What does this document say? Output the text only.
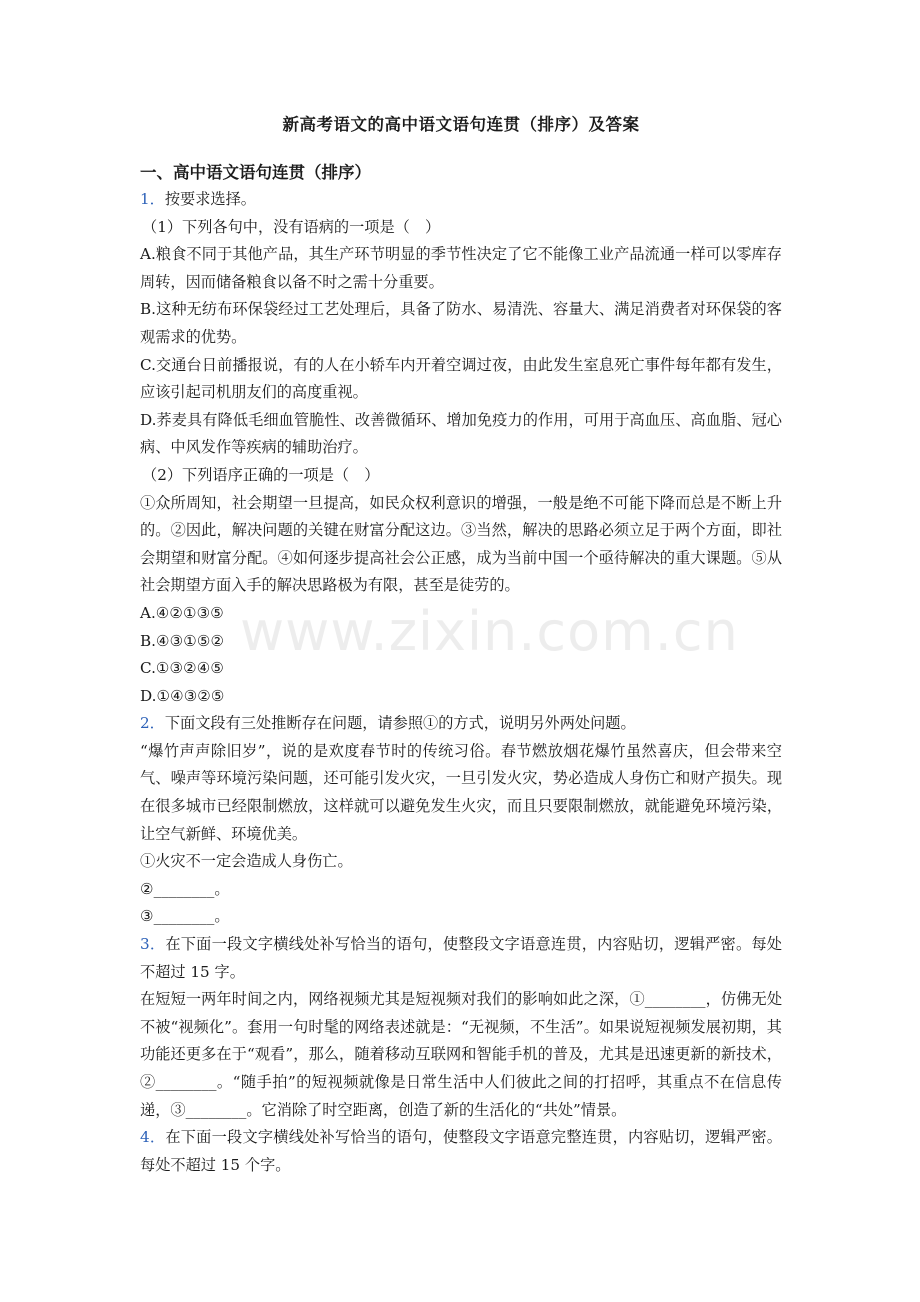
www.zixin.com.cn
新高考语文的高中语文语句连贯（排序）及答案
一、高中语文语句连贯（排序）

1．按要求选择。

（1）下列各句中，没有语病的一项是（　）

A.粮食不同于其他产品，其生产环节明显的季节性决定了它不能像工业产品流通一样可以零库存周转，因而储备粮食以备不时之需十分重要。

B.这种无纺布环保袋经过工艺处理后，具备了防水、易清洗、容量大、满足消费者对环保袋的客观需求的优势。

C.交通台日前播报说，有的人在小轿车内开着空调过夜，由此发生室息死亡事件每年都有发生，应该引起司机朋友们的高度重视。

D.荞麦具有降低毛细血管脆性、改善微循环、增加免疫力的作用，可用于高血压、高血脂、冠心病、中风发作等疾病的辅助治疗。

（2）下列语序正确的一项是（　）

①众所周知，社会期望一旦提高，如民众权利意识的增强，一般是绝不可能下降而总是不断上升的。②因此，解决问题的关键在财富分配这边。③当然，解决的思路必须立足于两个方面，即社会期望和财富分配。④如何逐步提高社会公正感，成为当前中国一个亟待解决的重大课题。⑤从社会期望方面入手的解决思路极为有限，甚至是徒劳的。

A.④②①③⑤

B.④③①⑤②

C.①③②④⑤

D.①④③②⑤

2．下面文段有三处推断存在问题，请参照①的方式，说明另外两处问题。

“爆竹声声除旧岁”，说的是欢度春节时的传统习俗。春节燃放烟花爆竹虽然喜庆，但会带来空气、噪声等环境污染问题，还可能引发火灾，一旦引发火灾，势必造成人身伤亡和财产损失。现在很多城市已经限制燃放，这样就可以避免发生火灾，而且只要限制燃放，就能避免环境污染，让空气新鲜、环境优美。

①火灾不一定会造成人身伤亡。

②________。

③________。

3．在下面一段文字横线处补写恰当的语句，使整段文字语意连贯，内容贴切，逻辑严密。每处不超过 15 字。

在短短一两年时间之内，网络视频尤其是短视频对我们的影响如此之深，①________，仿佛无处不被“视频化”。套用一句时髦的网络表述就是：“无视频，不生活”。如果说短视频发展初期，其功能还更多在于“观看”，那么，随着移动互联网和智能手机的普及，尤其是迅速更新的新技术，②________。“随手拍”的短视频就像是日常生活中人们彼此之间的打招呼，其重点不在信息传递，③________。它消除了时空距离，创造了新的生活化的“共处”情景。

4．在下面一段文字横线处补写恰当的语句，使整段文字语意完整连贯，内容贴切，逻辑严密。每处不超过 15 个字。
